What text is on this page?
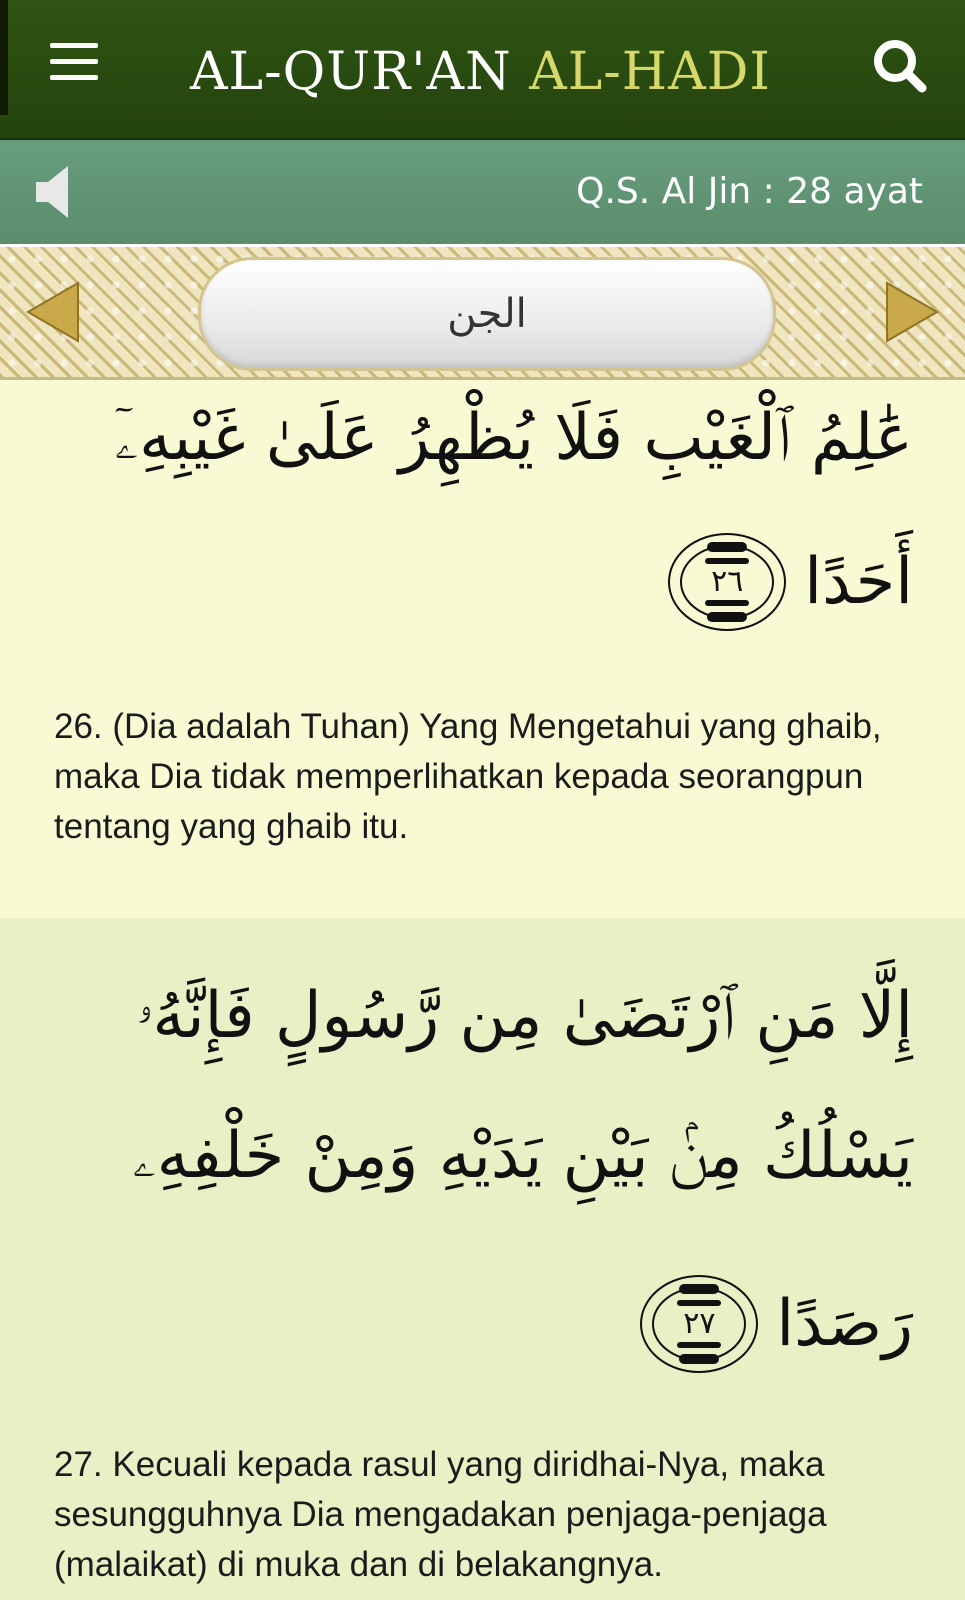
AL-QUR'AN AL-HADI
Q.S. Al Jin : 28 ayat
الجن
عَٰلِمُ ٱلْغَيْبِ فَلَا يُظْهِرُ عَلَىٰ غَيْبِهِۦٓ
أَحَدًا
٢٦
26. (Dia adalah Tuhan) Yang Mengetahui yang ghaib, maka Dia tidak memperlihatkan kepada seorangpun tentang yang ghaib itu.
إِلَّا مَنِ ٱرْتَضَىٰ مِن رَّسُولٍ فَإِنَّهُۥ
يَسْلُكُ مِنۢ بَيْنِ يَدَيْهِ وَمِنْ خَلْفِهِۦ
رَصَدًا
٢٧
27. Kecuali kepada rasul yang diridhai-Nya, maka sesungguhnya Dia mengadakan penjaga-penjaga (malaikat) di muka dan di belakangnya.
